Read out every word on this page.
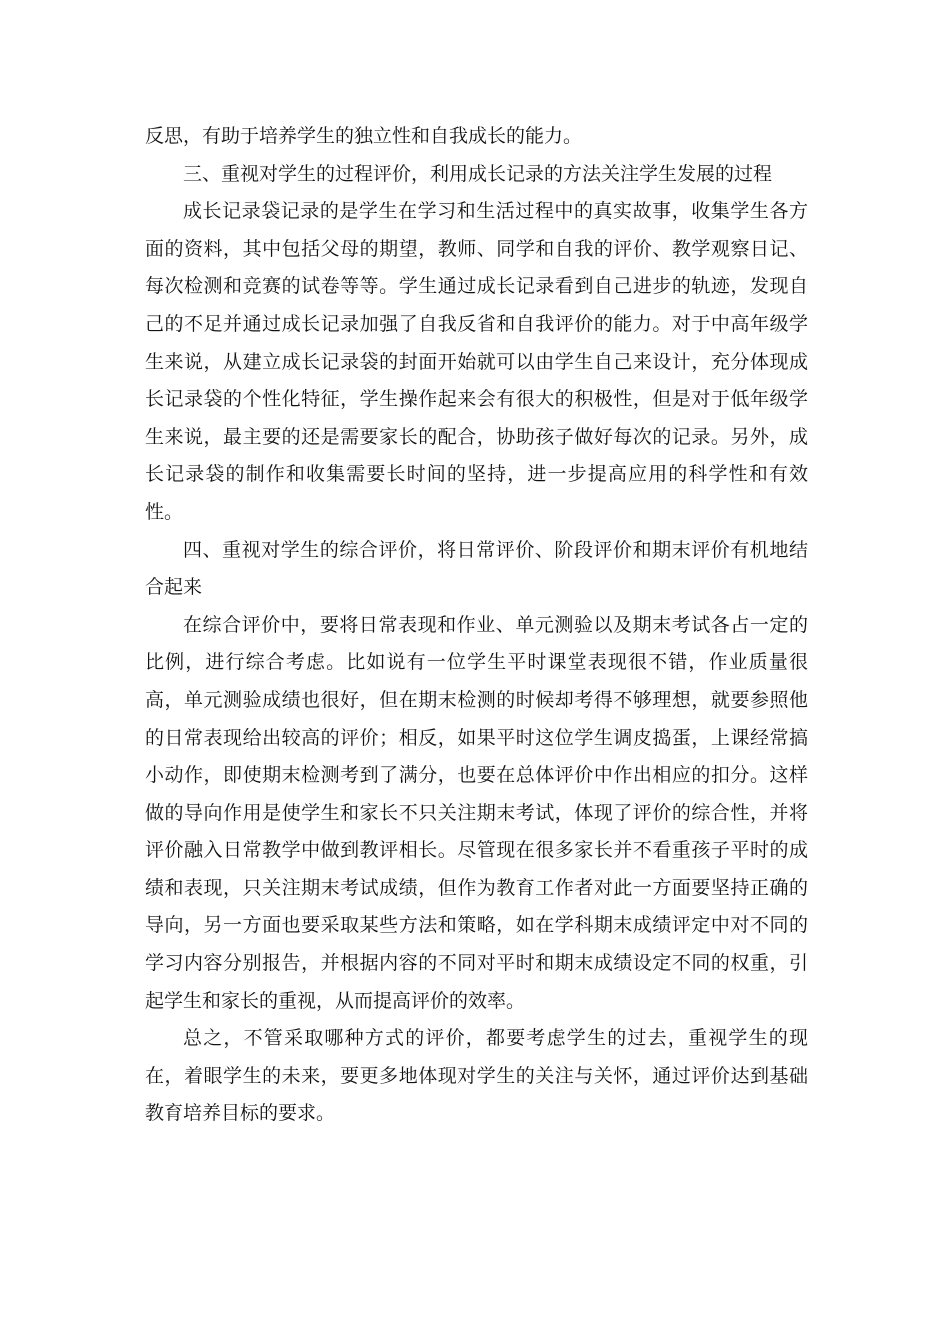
反思，有助于培养学生的独立性和自我成长的能力。

三、重视对学生的过程评价，利用成长记录的方法关注学生发展的过程

成长记录袋记录的是学生在学习和生活过程中的真实故事，收集学生各方面的资料，其中包括父母的期望，教师、同学和自我的评价、教学观察日记、每次检测和竞赛的试卷等等。学生通过成长记录看到自己进步的轨迹，发现自己的不足并通过成长记录加强了自我反省和自我评价的能力。对于中高年级学生来说，从建立成长记录袋的封面开始就可以由学生自己来设计，充分体现成长记录袋的个性化特征，学生操作起来会有很大的积极性，但是对于低年级学生来说，最主要的还是需要家长的配合，协助孩子做好每次的记录。另外，成长记录袋的制作和收集需要长时间的坚持，进一步提高应用的科学性和有效性。

四、重视对学生的综合评价，将日常评价、阶段评价和期末评价有机地结合起来

在综合评价中，要将日常表现和作业、单元测验以及期末考试各占一定的比例，进行综合考虑。比如说有一位学生平时课堂表现很不错，作业质量很高，单元测验成绩也很好，但在期末检测的时候却考得不够理想，就要参照他的日常表现给出较高的评价；相反，如果平时这位学生调皮捣蛋，上课经常搞小动作，即使期末检测考到了满分，也要在总体评价中作出相应的扣分。这样做的导向作用是使学生和家长不只关注期末考试，体现了评价的综合性，并将评价融入日常教学中做到教评相长。尽管现在很多家长并不看重孩子平时的成绩和表现，只关注期末考试成绩，但作为教育工作者对此一方面要坚持正确的导向，另一方面也要采取某些方法和策略，如在学科期末成绩评定中对不同的学习内容分别报告，并根据内容的不同对平时和期末成绩设定不同的权重，引起学生和家长的重视，从而提高评价的效率。

总之，不管采取哪种方式的评价，都要考虑学生的过去，重视学生的现在，着眼学生的未来，要更多地体现对学生的关注与关怀，通过评价达到基础教育培养目标的要求。
